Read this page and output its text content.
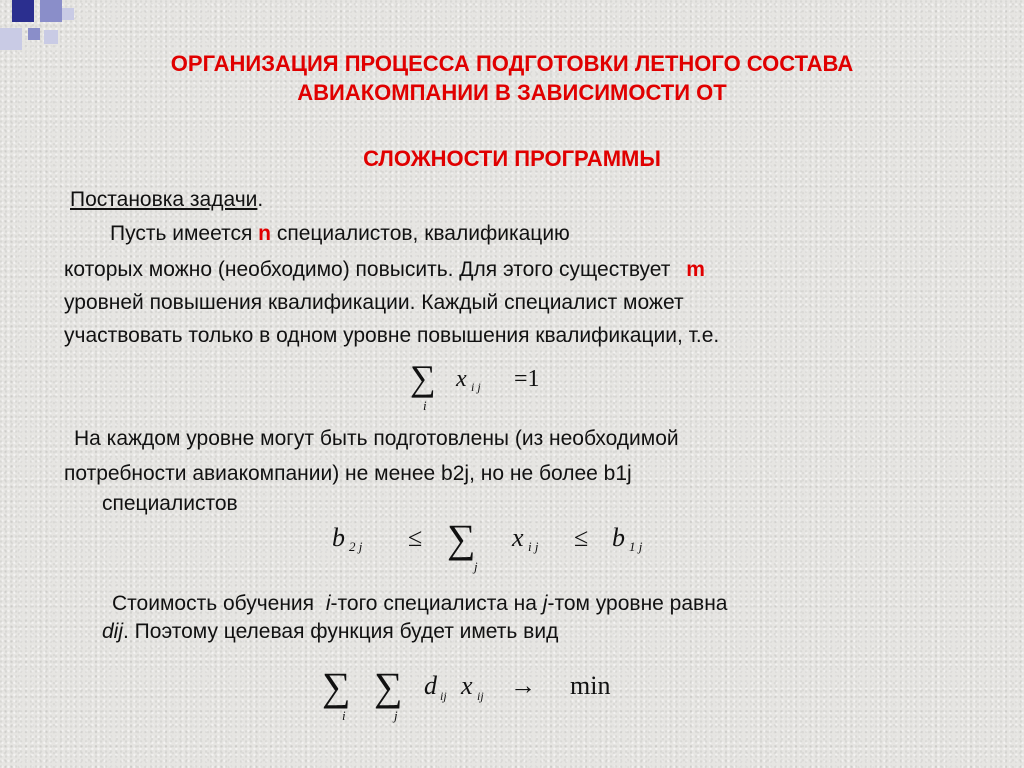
ОРГАНИЗАЦИЯ ПРОЦЕССА ПОДГОТОВКИ ЛЕТНОГО СОСТАВА
АВИАКОМПАНИИ В ЗАВИСИМОСТИ ОТ
СЛОЖНОСТИ ПРОГРАММЫ
Постановка задачи.
Пусть имеется n специалистов, квалификацию
которых можно (необходимо) повысить. Для этого существует m
уровней повышения квалификации. Каждый специалист может
участвовать только в одном уровне повышения квалификации, т.е.
∑
i
x i j =1
На каждом уровне могут быть подготовлены (из необходимой
потребности авиакомпании) не менее b2j, но не более b1j
специалистов
b 2 j ≤ ∑
j
x i j ≤ b 1 j
Стоимость обучения i-того специалиста на j-том уровне равна
dij. Поэтому целевая функция будет иметь вид
∑
i
∑
j
d ij x ij → min
